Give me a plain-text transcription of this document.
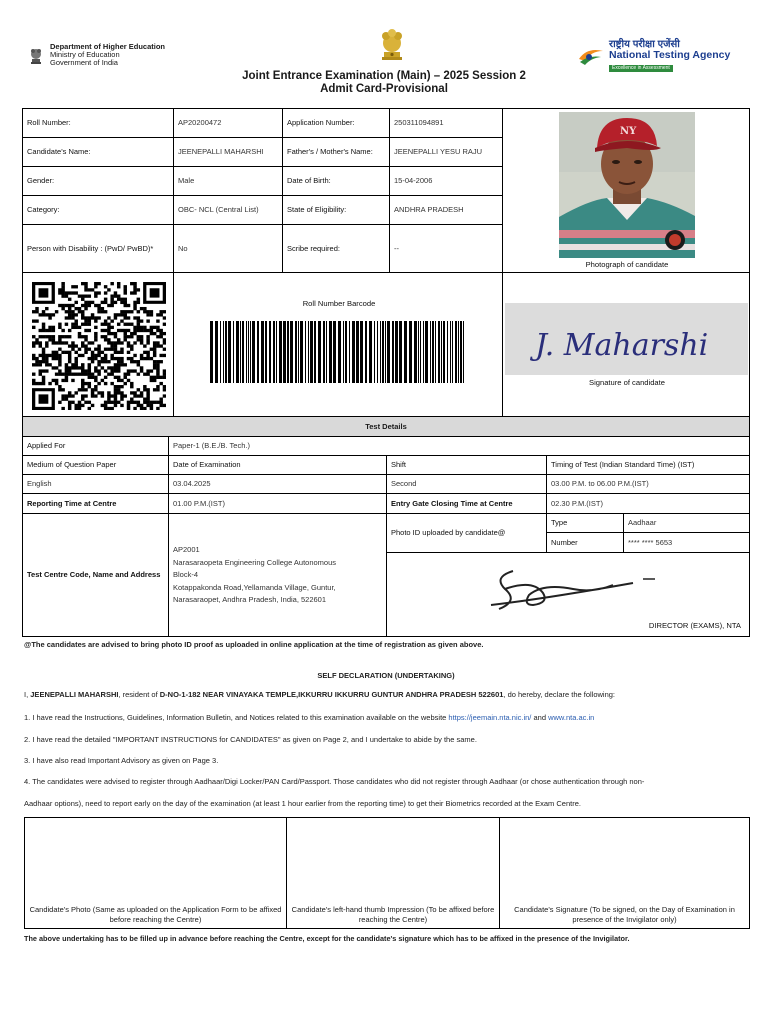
Department of Higher Education
Ministry of Education
Government of India
राष्ट्रीय परीक्षा एजेंसी
National Testing Agency
Excellence in Assessment
Joint Entrance Examination (Main) – 2025 Session 2
Admit Card-Provisional
Roll Number:	AP20200472	Application Number:	250311094891
Candidate's Name:	JEENEPALLI MAHARSHI	Father's / Mother's Name:	JEENEPALLI YESU RAJU
Gender:	Male	Date of Birth:	15-04-2006
Category:	OBC- NCL (Central List)	State of Eligibility:	ANDHRA PRADESH
Person with Disability : (PwD/ PwBD)*	No	Scribe required:	--
NY
Photograph of candidate
Roll Number Barcode
J. Maharshi
Signature of candidate
Test Details
Applied For	Paper-1 (B.E./B. Tech.)
Medium of Question Paper	Date of Examination	Shift	Timing of Test (Indian Standard Time) (IST)
English	03.04.2025	Second	03.00 P.M. to 06.00 P.M.(IST)
Reporting Time at Centre	01.00 P.M.(IST)	Entry Gate Closing Time at Centre	02.30 P.M.(IST)
Test Centre Code, Name and Address
AP2001
Narasaraopeta Engineering College Autonomous
Block-4
Kotappakonda Road,Yellamanda Village, Guntur,
Narasaraopet, Andhra Pradesh, India, 522601
Photo ID uploaded by candidate@
Type	Aadhaar
Number	**** **** 5653
DIRECTOR (EXAMS), NTA
@The candidates are advised to bring photo ID proof as uploaded in online application at the time of registration as given above.
SELF DECLARATION (UNDERTAKING)
I, JEENEPALLI MAHARSHI, resident of D-NO-1-182 NEAR VINAYAKA TEMPLE,IKKURRU IKKURRU GUNTUR ANDHRA PRADESH 522601, do hereby, declare the following:
1. I have read the Instructions, Guidelines, Information Bulletin, and Notices related to this examination available on the website https://jeemain.nta.nic.in/ and www.nta.ac.in
2. I have read the detailed "IMPORTANT INSTRUCTIONS for CANDIDATES" as given on Page 2, and I undertake to abide by the same.
3. I have also read Important Advisory as given on Page 3.
4. The candidates were advised to register through Aadhaar/Digi Locker/PAN Card/Passport. Those candidates who did not register through Aadhaar (or chose authentication through non-
Aadhaar options), need to report early on the day of the examination (at least 1 hour earlier from the reporting time) to get their Biometrics recorded at the Exam Centre.
Candidate's Photo (Same as uploaded on the Application Form to be affixed before reaching the Centre)
Candidate's left-hand thumb Impression (To be affixed before reaching the Centre)
Candidate's Signature (To be signed, on the Day of Examination in presence of the Invigilator only)
The above undertaking has to be filled up in advance before reaching the Centre, except for the candidate's signature which has to be affixed in the presence of the Invigilator.
